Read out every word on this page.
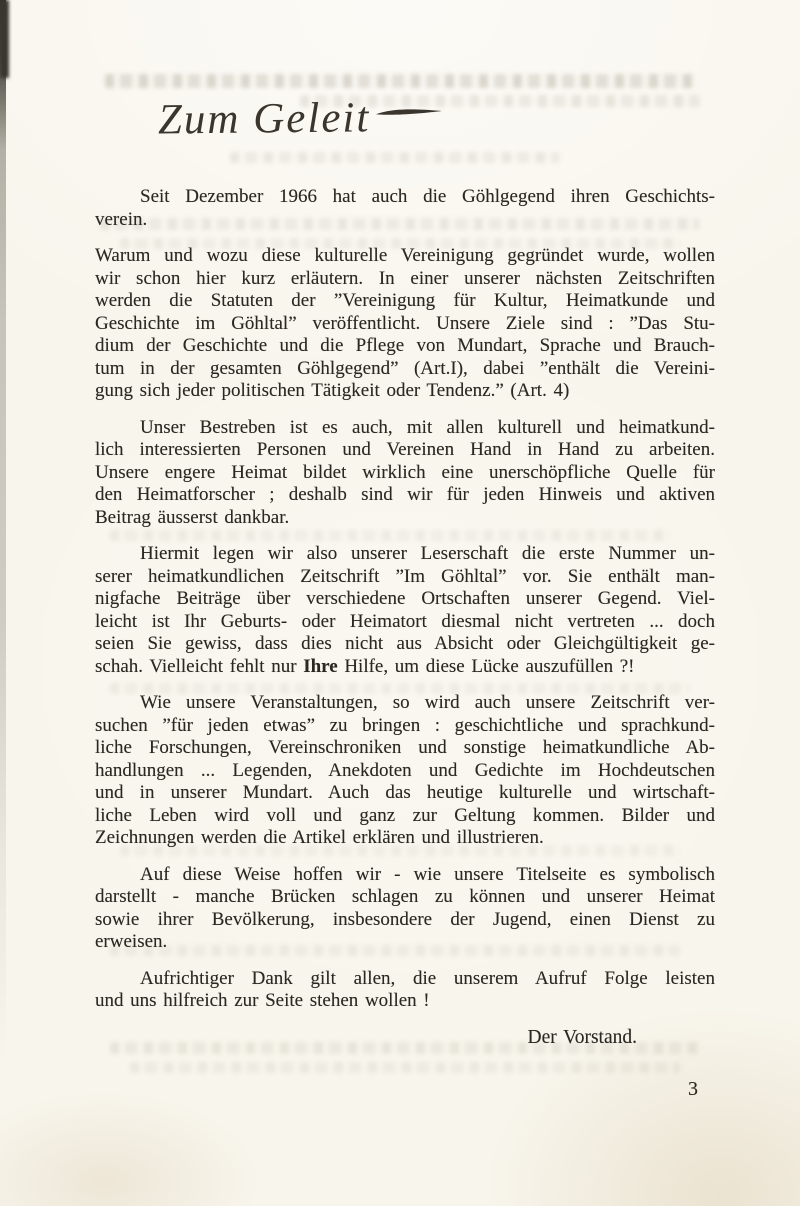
Zum Geleit
Seit Dezember 1966 hat auch die Göhlgegend ihren Geschichts-
verein.
Warum und wozu diese kulturelle Vereinigung gegründet wurde, wollen
wir schon hier kurz erläutern. In einer unserer nächsten Zeitschriften
werden die Statuten der ”Vereinigung für Kultur, Heimatkunde und
Geschichte im Göhltal” veröffentlicht. Unsere Ziele sind : ”Das Stu-
dium der Geschichte und die Pflege von Mundart, Sprache und Brauch-
tum in der gesamten Göhlgegend” (Art.I), dabei ”enthält die Vereini-
gung sich jeder politischen Tätigkeit oder Tendenz.” (Art. 4)
Unser Bestreben ist es auch, mit allen kulturell und heimatkund-
lich interessierten Personen und Vereinen Hand in Hand zu arbeiten.
Unsere engere Heimat bildet wirklich eine unerschöpfliche Quelle für
den Heimatforscher ; deshalb sind wir für jeden Hinweis und aktiven
Beitrag äusserst dankbar.
Hiermit legen wir also unserer Leserschaft die erste Nummer un-
serer heimatkundlichen Zeitschrift ”Im Göhltal” vor. Sie enthält man-
nigfache Beiträge über verschiedene Ortschaften unserer Gegend. Viel-
leicht ist Ihr Geburts- oder Heimatort diesmal nicht vertreten ... doch
seien Sie gewiss, dass dies nicht aus Absicht oder Gleichgültigkeit ge-
schah. Vielleicht fehlt nur Ihre Hilfe, um diese Lücke auszufüllen ?!
Wie unsere Veranstaltungen, so wird auch unsere Zeitschrift ver-
suchen ”für jeden etwas” zu bringen : geschichtliche und sprachkund-
liche Forschungen, Vereinschroniken und sonstige heimatkundliche Ab-
handlungen ... Legenden, Anekdoten und Gedichte im Hochdeutschen
und in unserer Mundart. Auch das heutige kulturelle und wirtschaft-
liche Leben wird voll und ganz zur Geltung kommen. Bilder und
Zeichnungen werden die Artikel erklären und illustrieren.
Auf diese Weise hoffen wir - wie unsere Titelseite es symbolisch
darstellt - manche Brücken schlagen zu können und unserer Heimat
sowie ihrer Bevölkerung, insbesondere der Jugend, einen Dienst zu
erweisen.
Aufrichtiger Dank gilt allen, die unserem Aufruf Folge leisten
und uns hilfreich zur Seite stehen wollen !
Der Vorstand.
3
